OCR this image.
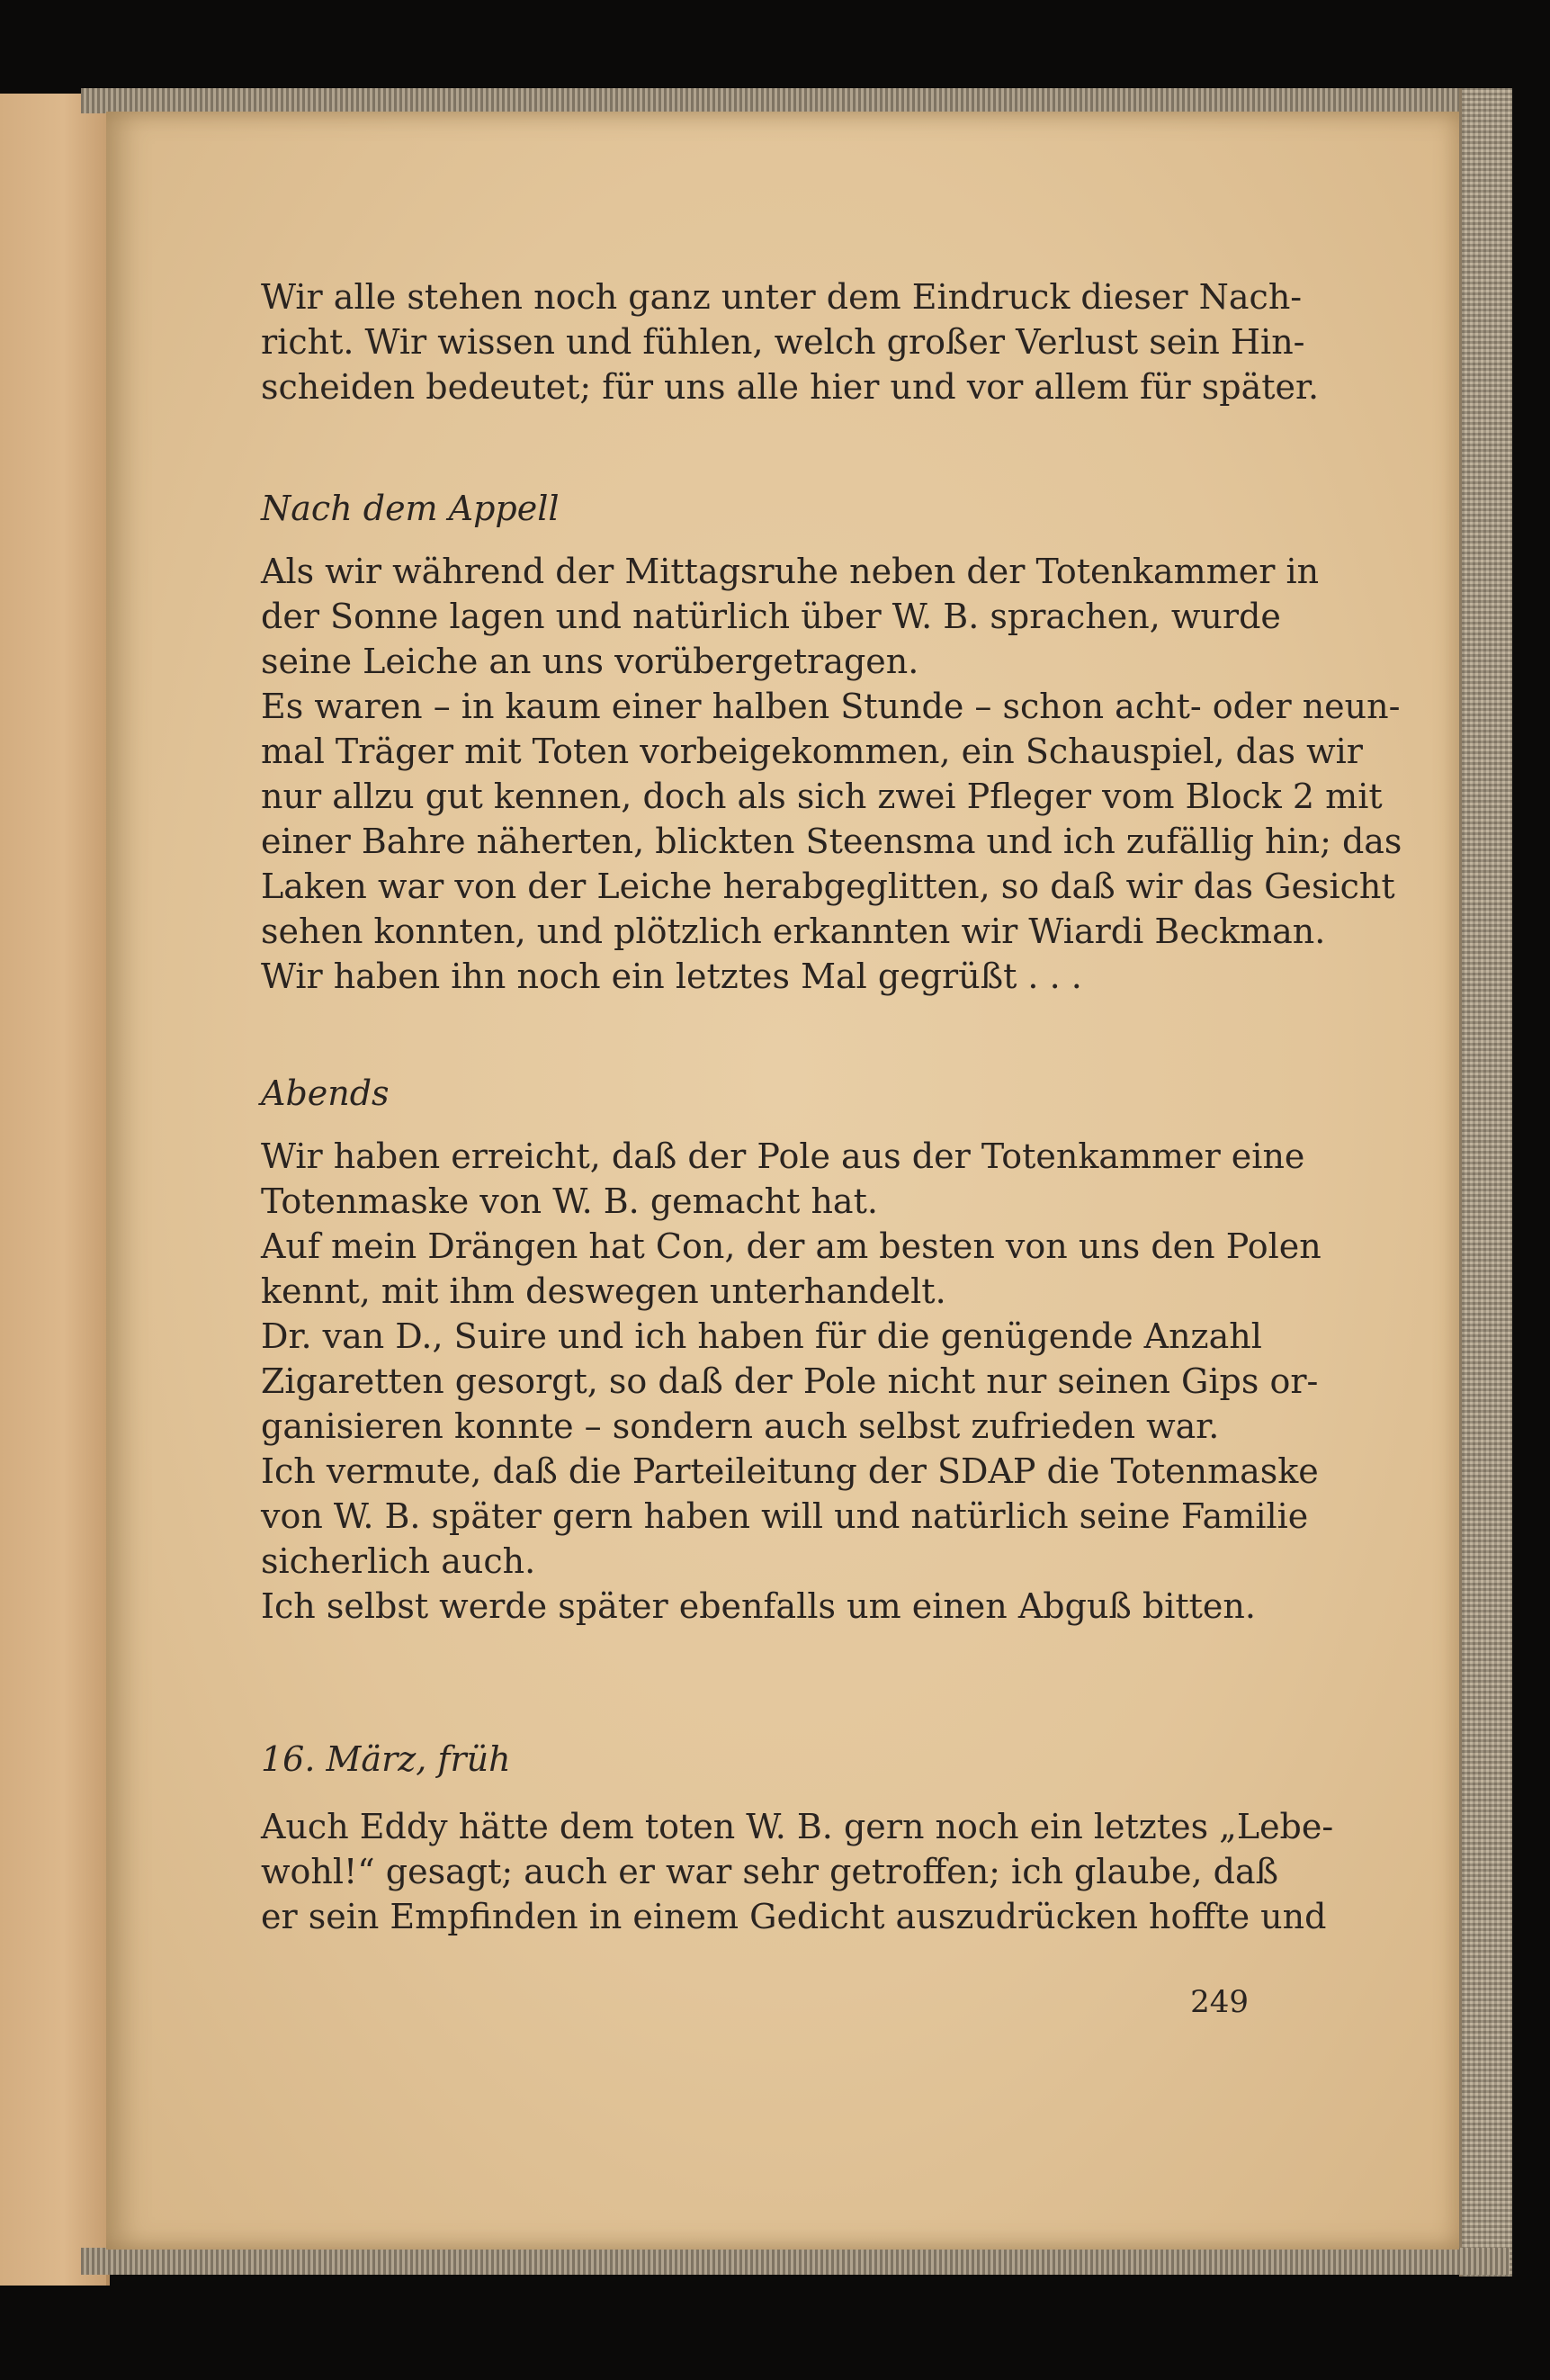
Wir alle stehen noch ganz unter dem Eindruck dieser Nach-
richt. Wir wissen und fühlen, welch großer Verlust sein Hin-
scheiden bedeutet; für uns alle hier und vor allem für später.
Nach dem Appell
Als wir während der Mittagsruhe neben der Totenkammer in
der Sonne lagen und natürlich über W. B. sprachen, wurde
seine Leiche an uns vorübergetragen.
Es waren – in kaum einer halben Stunde – schon acht- oder neun-
mal Träger mit Toten vorbeigekommen, ein Schauspiel, das wir
nur allzu gut kennen, doch als sich zwei Pfleger vom Block 2 mit
einer Bahre näherten, blickten Steensma und ich zufällig hin; das
Laken war von der Leiche herabgeglitten, so daß wir das Gesicht
sehen konnten, und plötzlich erkannten wir Wiardi Beckman.
Wir haben ihn noch ein letztes Mal gegrüßt . . .
Abends
Wir haben erreicht, daß der Pole aus der Totenkammer eine
Totenmaske von W. B. gemacht hat.
Auf mein Drängen hat Con, der am besten von uns den Polen
kennt, mit ihm deswegen unterhandelt.
Dr. van D., Suire und ich haben für die genügende Anzahl
Zigaretten gesorgt, so daß der Pole nicht nur seinen Gips or-
ganisieren konnte – sondern auch selbst zufrieden war.
Ich vermute, daß die Parteileitung der SDAP die Totenmaske
von W. B. später gern haben will und natürlich seine Familie
sicherlich auch.
Ich selbst werde später ebenfalls um einen Abguß bitten.
16. März, früh
Auch Eddy hätte dem toten W. B. gern noch ein letztes „Lebe-
wohl!“ gesagt; auch er war sehr getroffen; ich glaube, daß
er sein Empfinden in einem Gedicht auszudrücken hoffte und
249
